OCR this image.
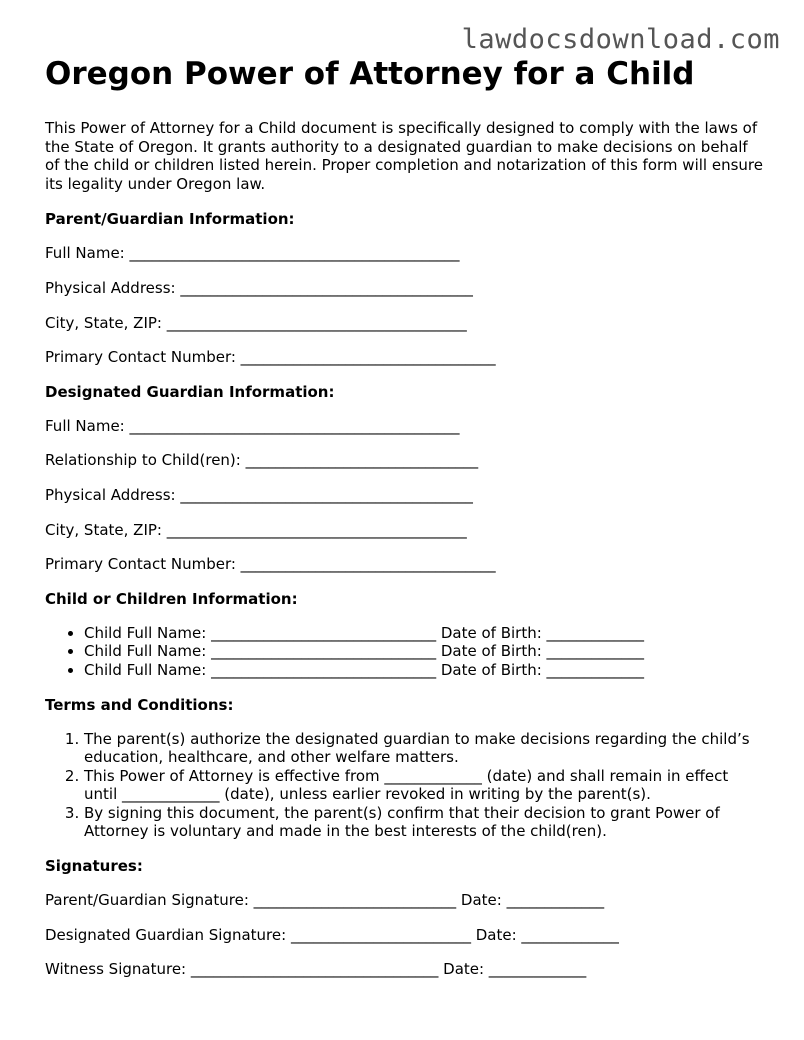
lawdocsdownload.com
Oregon Power of Attorney for a Child

This Power of Attorney for a Child document is specifically designed to comply with the laws of the State of Oregon. It grants authority to a designated guardian to make decisions on behalf of the child or children listed herein. Proper completion and notarization of this form will ensure its legality under Oregon law.

Parent/Guardian Information:
Full Name: ____________________________________________
Physical Address: _______________________________________
City, State, ZIP: ________________________________________
Primary Contact Number: __________________________________
Designated Guardian Information:
Full Name: ____________________________________________
Relationship to Child(ren): _______________________________
Physical Address: _______________________________________
City, State, ZIP: ________________________________________
Primary Contact Number: __________________________________
Child or Children Information:
• Child Full Name: ______________________________ Date of Birth: _____________
• Child Full Name: ______________________________ Date of Birth: _____________
• Child Full Name: ______________________________ Date of Birth: _____________
Terms and Conditions:
1. The parent(s) authorize the designated guardian to make decisions regarding the child’s education, healthcare, and other welfare matters.
2. This Power of Attorney is effective from _____________ (date) and shall remain in effect until _____________ (date), unless earlier revoked in writing by the parent(s).
3. By signing this document, the parent(s) confirm that their decision to grant Power of Attorney is voluntary and made in the best interests of the child(ren).
Signatures:
Parent/Guardian Signature: ___________________________ Date: _____________
Designated Guardian Signature: ________________________ Date: _____________
Witness Signature: _________________________________ Date: _____________
